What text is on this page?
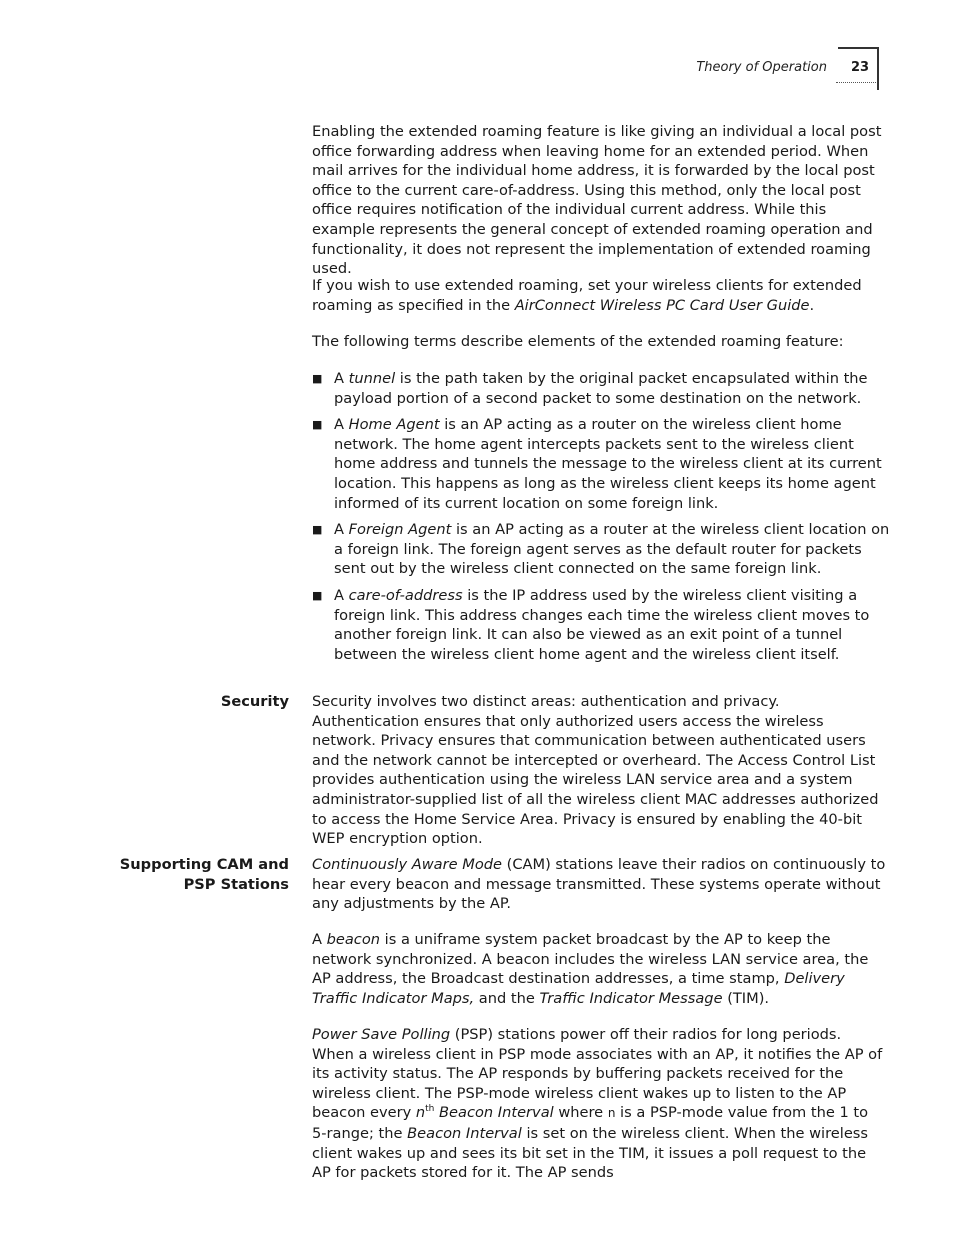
Theory of Operation 23

Enabling the extended roaming feature is like giving an individual a local post office forwarding address when leaving home for an extended period. When mail arrives for the individual home address, it is forwarded by the local post office to the current care-of-address. Using this method, only the local post office requires notification of the individual current address. While this example represents the general concept of extended roaming operation and functionality, it does not represent the implementation of extended roaming used.

If you wish to use extended roaming, set your wireless clients for extended roaming as specified in the AirConnect Wireless PC Card User Guide.

The following terms describe elements of the extended roaming feature:

■ A tunnel is the path taken by the original packet encapsulated within the payload portion of a second packet to some destination on the network.
■ A Home Agent is an AP acting as a router on the wireless client home network. The home agent intercepts packets sent to the wireless client home address and tunnels the message to the wireless client at its current location. This happens as long as the wireless client keeps its home agent informed of its current location on some foreign link.
■ A Foreign Agent is an AP acting as a router at the wireless client location on a foreign link. The foreign agent serves as the default router for packets sent out by the wireless client connected on the same foreign link.
■ A care-of-address is the IP address used by the wireless client visiting a foreign link. This address changes each time the wireless client moves to another foreign link. It can also be viewed as an exit point of a tunnel between the wireless client home agent and the wireless client itself.
Security Security involves two distinct areas: authentication and privacy. Authentication ensures that only authorized users access the wireless network. Privacy ensures that communication between authenticated users and the network cannot be intercepted or overheard. The Access Control List provides authentication using the wireless LAN service area and a system administrator-supplied list of all the wireless client MAC addresses authorized to access the Home Service Area. Privacy is ensured by enabling the 40-bit WEP encryption option.

Supporting CAM and
PSP Stations

Continuously Aware Mode (CAM) stations leave their radios on continuously to hear every beacon and message transmitted. These systems operate without any adjustments by the AP.

A beacon is a uniframe system packet broadcast by the AP to keep the network synchronized. A beacon includes the wireless LAN service area, the AP address, the Broadcast destination addresses, a time stamp, Delivery Traffic Indicator Maps, and the Traffic Indicator Message (TIM).

Power Save Polling (PSP) stations power off their radios for long periods. When a wireless client in PSP mode associates with an AP, it notifies the AP of its activity status. The AP responds by buffering packets received for the wireless client. The PSP-mode wireless client wakes up to listen to the AP beacon every $n^{th}$ Beacon Interval where n is a PSP-mode value from the 1 to 5-range; the Beacon Interval is set on the wireless client. When the wireless client wakes up and sees its bit set in the TIM, it issues a poll request to the AP for packets stored for it. The AP sends
